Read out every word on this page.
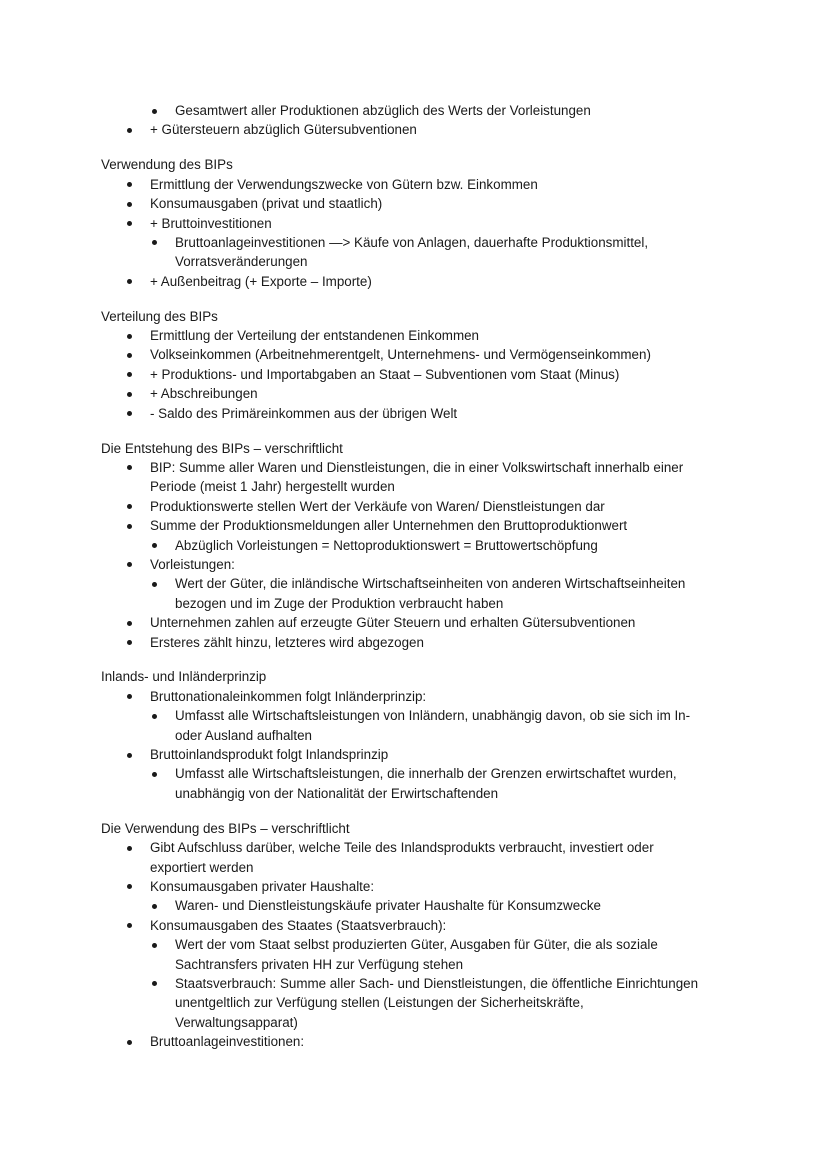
Gesamtwert aller Produktionen abzüglich des Werts der Vorleistungen
+ Gütersteuern abzüglich Gütersubventionen
Verwendung des BIPs
Ermittlung der Verwendungszwecke von Gütern bzw. Einkommen
Konsumausgaben (privat und staatlich)
+ Bruttoinvestitionen
Bruttoanlageinvestitionen —> Käufe von Anlagen, dauerhafte Produktionsmittel,
Vorratsveränderungen
+ Außenbeitrag (+ Exporte – Importe)
Verteilung des BIPs
Ermittlung der Verteilung der entstandenen Einkommen
Volkseinkommen (Arbeitnehmerentgelt, Unternehmens- und Vermögenseinkommen)
+ Produktions- und Importabgaben an Staat – Subventionen vom Staat (Minus)
+ Abschreibungen
- Saldo des Primäreinkommen aus der übrigen Welt
Die Entstehung des BIPs – verschriftlicht
BIP: Summe aller Waren und Dienstleistungen, die in einer Volkswirtschaft innerhalb einer
Periode (meist 1 Jahr) hergestellt wurden
Produktionswerte stellen Wert der Verkäufe von Waren/ Dienstleistungen dar
Summe der Produktionsmeldungen aller Unternehmen den Bruttoproduktionwert
Abzüglich Vorleistungen = Nettoproduktionswert = Bruttowertschöpfung
Vorleistungen:
Wert der Güter, die inländische Wirtschaftseinheiten von anderen Wirtschaftseinheiten
bezogen und im Zuge der Produktion verbraucht haben
Unternehmen zahlen auf erzeugte Güter Steuern und erhalten Gütersubventionen
Ersteres zählt hinzu, letzteres wird abgezogen
Inlands- und Inländerprinzip
Bruttonationaleinkommen folgt Inländerprinzip:
Umfasst alle Wirtschaftsleistungen von Inländern, unabhängig davon, ob sie sich im In-
oder Ausland aufhalten
Bruttoinlandsprodukt folgt Inlandsprinzip
Umfasst alle Wirtschaftsleistungen, die innerhalb der Grenzen erwirtschaftet wurden,
unabhängig von der Nationalität der Erwirtschaftenden
Die Verwendung des BIPs – verschriftlicht
Gibt Aufschluss darüber, welche Teile des Inlandsprodukts verbraucht, investiert oder
exportiert werden
Konsumausgaben privater Haushalte:
Waren- und Dienstleistungskäufe privater Haushalte für Konsumzwecke
Konsumausgaben des Staates (Staatsverbrauch):
Wert der vom Staat selbst produzierten Güter, Ausgaben für Güter, die als soziale
Sachtransfers privaten HH zur Verfügung stehen
Staatsverbrauch: Summe aller Sach- und Dienstleistungen, die öffentliche Einrichtungen
unentgeltlich zur Verfügung stellen (Leistungen der Sicherheitskräfte,
Verwaltungsapparat)
Bruttoanlageinvestitionen:
